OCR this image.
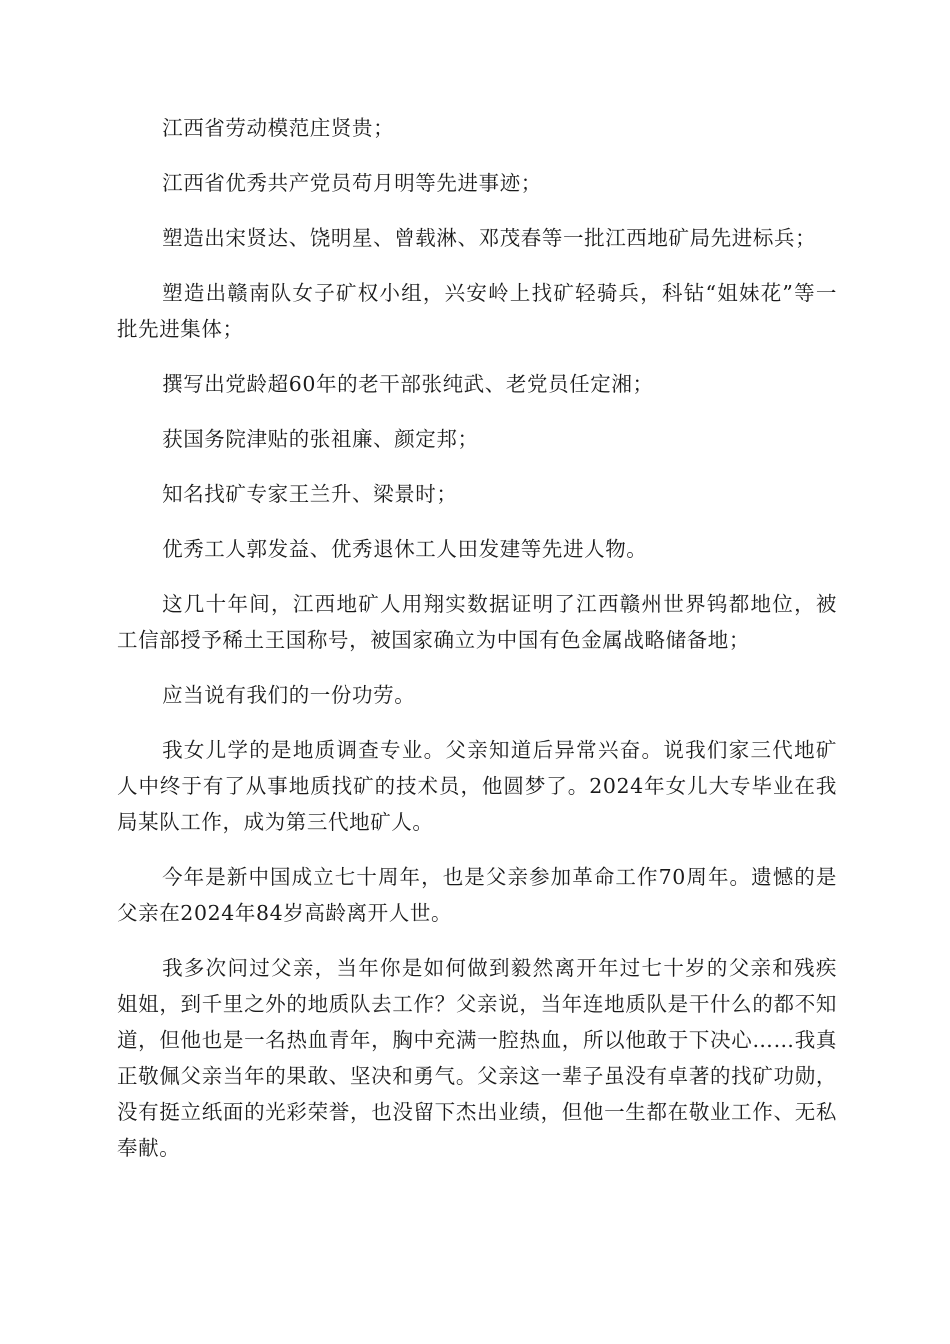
江西省劳动模范庄贤贵；

江西省优秀共产党员苟月明等先进事迹；

塑造出宋贤达、饶明星、曾载淋、邓茂春等一批江西地矿局先进标兵；

塑造出赣南队女子矿权小组，兴安岭上找矿轻骑兵，科钻“姐妹花”等一批先进集体；

撰写出党龄超60年的老干部张纯武、老党员任定湘；

获国务院津贴的张祖廉、颜定邦；

知名找矿专家王兰升、梁景时；

优秀工人郭发益、优秀退休工人田发建等先进人物。

这几十年间，江西地矿人用翔实数据证明了江西赣州世界钨都地位，被工信部授予稀土王国称号，被国家确立为中国有色金属战略储备地；

应当说有我们的一份功劳。

我女儿学的是地质调查专业。父亲知道后异常兴奋。说我们家三代地矿人中终于有了从事地质找矿的技术员，他圆梦了。2024年女儿大专毕业在我局某队工作，成为第三代地矿人。

今年是新中国成立七十周年，也是父亲参加革命工作70周年。遗憾的是父亲在2024年84岁高龄离开人世。

我多次问过父亲，当年你是如何做到毅然离开年过七十岁的父亲和残疾姐姐，到千里之外的地质队去工作？父亲说，当年连地质队是干什么的都不知道，但他也是一名热血青年，胸中充满一腔热血，所以他敢于下决心……我真正敬佩父亲当年的果敢、坚决和勇气。父亲这一辈子虽没有卓著的找矿功勋，没有挺立纸面的光彩荣誉，也没留下杰出业绩，但他一生都在敬业工作、无私奉献。
